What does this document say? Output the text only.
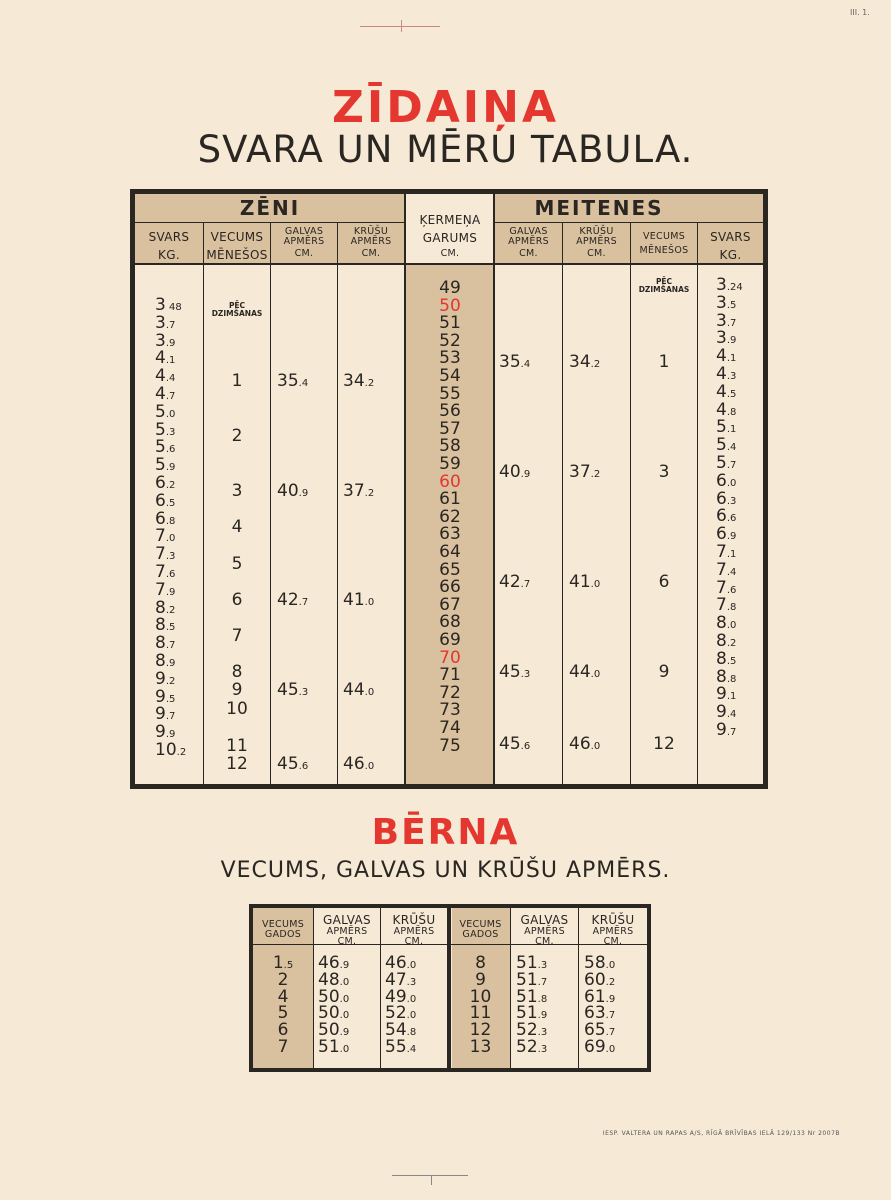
III. 1.
ZĪDAIŅA
SVARA UN MĒRU TABULA.
ZĒNI	MEITENES
SVARS
KG.
VECUMS
MĒNEŠOS
GALVAS
APMĒRS
CM.
KRŪŠU
APMĒRS
CM.
ĶERMEŅA
GARUMS
CM.
GALVAS
APMĒRS
CM.
KRŪŠU
APMĒRS
CM.
VECUMS
MĒNEŠOS
SVARS
KG.
PĒC
DZIMŠANAS
PĒC
DZIMŠANAS
49
50
51
52
53
54
55
56
57
58
59
60
61
62
63
64
65
66
67
68
69
70
71
72
73
74
75
3 48
3.7
3.9
4.1
4.4
4.7
5.0
5.3
5.6
5.9
6.2
6.5
6.8
7.0
7.3
7.6
7.9
8.2
8.5
8.7
8.9
9.2
9.5
9.7
9.9
10.2
3.24
3.5
3.7
3.9
4.1
4.3
4.5
4.8
5.1
5.4
5.7
6.0
6.3
6.6
6.9
7.1
7.4
7.6
7.8
8.0
8.2
8.5
8.8
9.1
9.4
9.7
1
2
3
4
5
6
7
8
9
10
11
12
35.4
40.9
42.7
45.3
45.6
34.2
37.2
41.0
44.0
46.0
35.4
40.9
42.7
45.3
45.6
34.2
37.2
41.0
44.0
46.0
1
3
6
9
12
BĒRNA
VECUMS, GALVAS UN KRŪŠU APMĒRS.
VECUMS
GADOS
GALVAS
APMĒRS
CM.
KRŪŠU
APMĒRS
CM.
VECUMS
GADOS
GALVAS
APMĒRS
CM.
KRŪŠU
APMĒRS
CM.
1.5
2
4
5
6
7
46.9
48.0
50.0
50.0
50.9
51.0
46.0
47.3
49.0
52.0
54.8
55.4
8
9
10
11
12
13
51.3
51.7
51.8
51.9
52.3
52.3
58.0
60.2
61.9
63.7
65.7
69.0
IESP. VALTERA UN RAPAS A/S, RĪGĀ BRĪVĪBAS IELĀ 129/133 Nr 2007B
